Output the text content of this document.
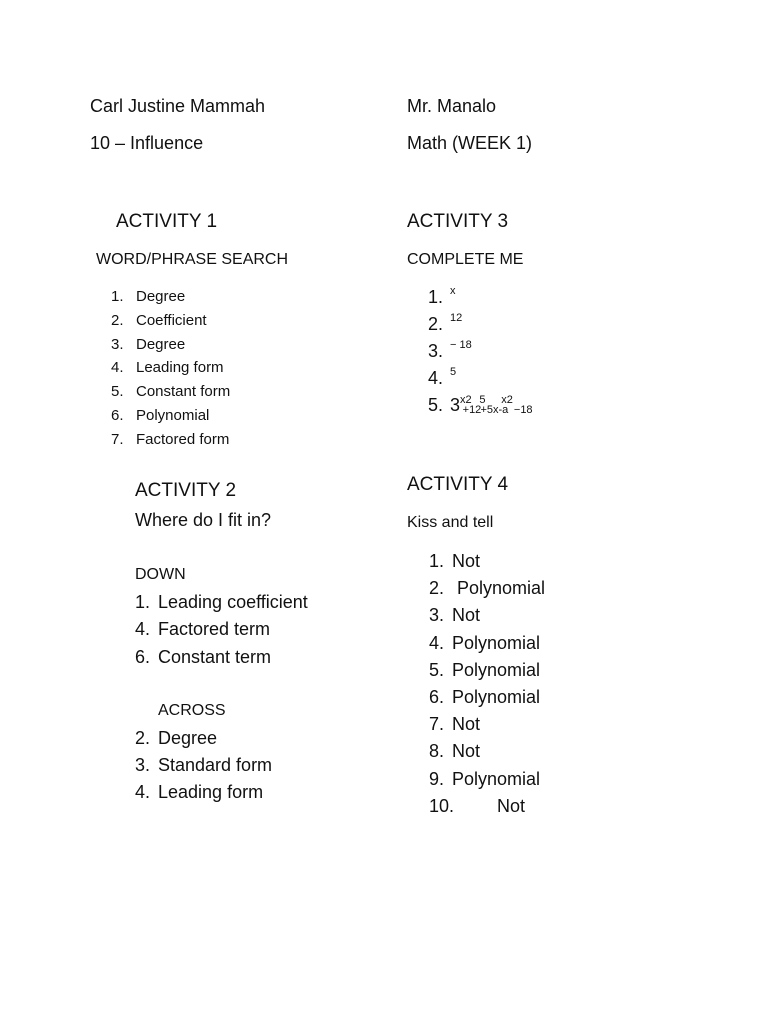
Carl Justine Mammah
10 – Influence
Mr. Manalo
Math (WEEK 1)
ACTIVITY 1
WORD/PHRASE SEARCH
1. Degree
2. Coefficient
3. Degree
4. Leading form
5. Constant form
6. Polynomial
7. Factored form
ACTIVITY 2
Where do I fit in?
DOWN
1. Leading coefficient
4. Factored term
6. Constant term
ACROSS
2. Degree
3. Standard form
4. Leading form
ACTIVITY 3
COMPLETE ME
1. $^x$
2. $^{12}$
3. $^{- 18}$
4. $^5$
5. $3^{x2}+12^5+5x-a^{x2}-18$
ACTIVITY 4
Kiss and tell
1. Not
2. Polynomial
3. Not
4. Polynomial
5. Polynomial
6. Polynomial
7. Not
8. Not
9. Polynomial
10. Not
